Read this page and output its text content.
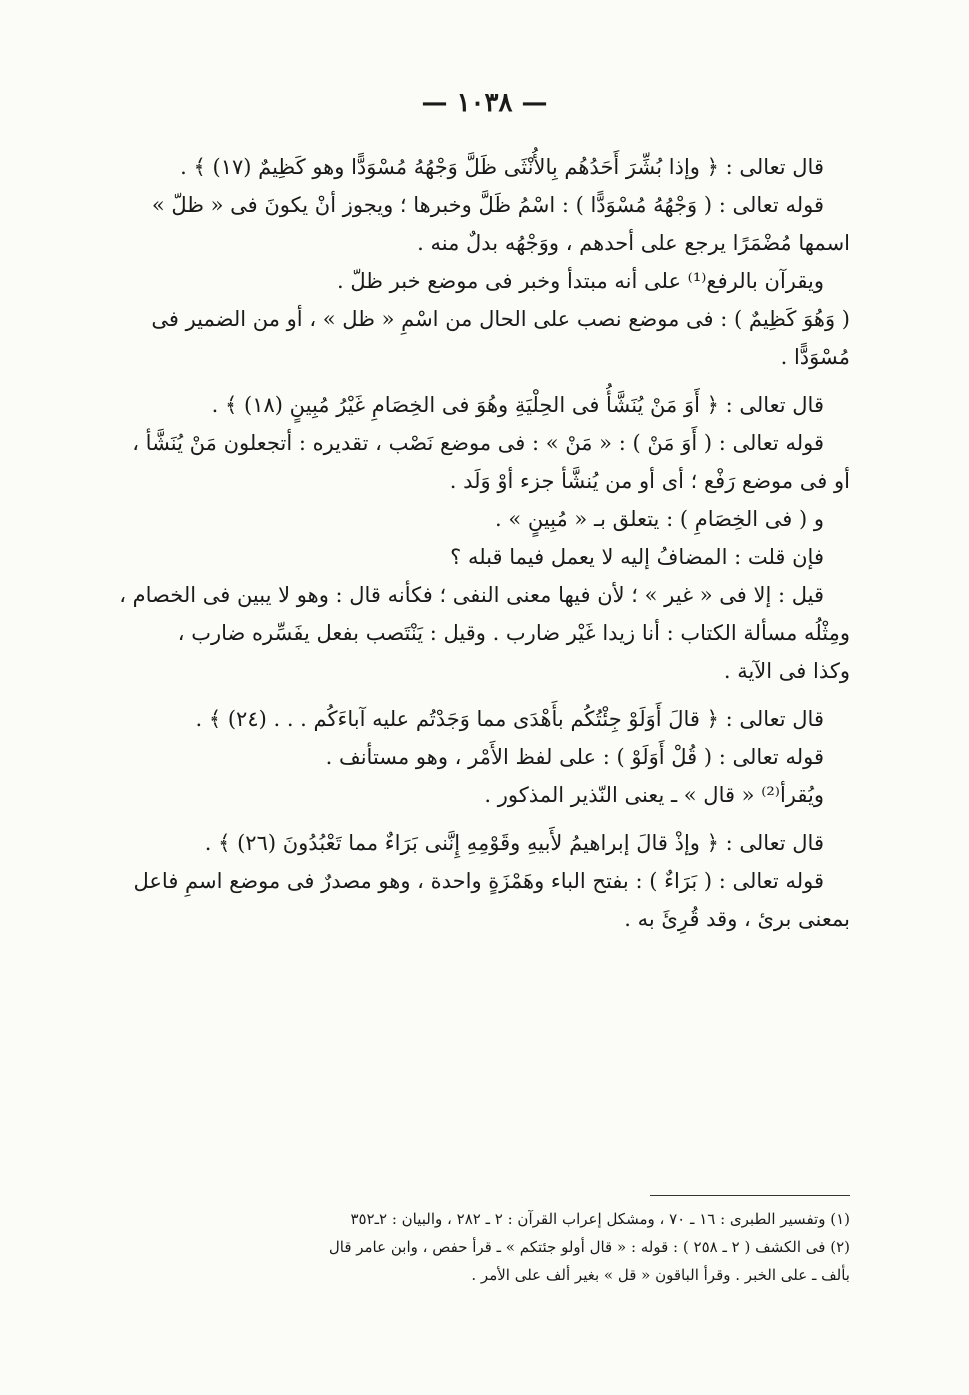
— ١٠٣٨ —

قال تعالى : ﴿ وإذا بُشِّرَ أَحَدُهُم بِالأُنْثَى ظَلَّ وَجْهُهُ مُسْوَدًّا وهو كَظِيمٌ (١٧) ﴾ .

قوله تعالى : ( وَجْهُهُ مُسْوَدًّا ) : اسْمُ ظَلَّ وخبرها ؛ ويجوز أنْ يكونَ فى « ظلّ »

اسمها مُضْمَرًا يرجع على أحدهم ، ووَجْهُه بدلٌ منه .

ويقرآن بالرفع⁽¹⁾ على أنه مبتدأ وخبر فى موضع خبر ظلّ .

( وَهُوَ كَظِيمٌ ) : فى موضع نصب على الحال من اسْمِ « ظل » ، أو من الضمير فى

مُسْوَدًّا .

قال تعالى : ﴿ أَوَ مَنْ يُنَشَّأُ فى الحِلْيَةِ وهُوَ فى الخِصَامِ غَيْرُ مُبِينٍ (١٨) ﴾ .

قوله تعالى : ( أَوَ مَنْ ) : « مَنْ » : فى موضع نَصْب ، تقديره : أتجعلون مَنْ يُنَشَّأ ،

أو فى موضع رَفْع ؛ أى أو من يُنشَّأ جزء أوْ وَلَد .

و ( فى الخِصَامِ ) : يتعلق بـ « مُبِينٍ » .

فإن قلت : المضافُ إليه لا يعمل فيما قبله ؟

قيل : إلا فى « غير » ؛ لأن فيها معنى النفى ؛ فكأنه قال : وهو لا يبين فى الخصام ،

ومِثْلُه مسألة الكتاب : أنا زيدا غَيْر ضارب . وقيل : يَنْتَصب بفعل يفَسِّره ضارب ،

وكذا فى الآية .

قال تعالى : ﴿ قالَ أَوَلَوْ جِئْتُكُم بأَهْدَى مما وَجَدْتُم عليه آباءَكُم . . . (٢٤) ﴾ .

قوله تعالى : ( قُلْ أَوَلَوْ ) : على لفظ الأَمْر ، وهو مستأنف .

ويُقرأ⁽²⁾ « قال » ـ يعنى النّذير المذكور .

قال تعالى : ﴿ وإذْ قالَ إبراهيمُ لأَبيهِ وقَوْمِهِ إِنَّنى بَرَاءٌ مما تَعْبُدُونَ (٢٦) ﴾ .

قوله تعالى : ( بَرَاءٌ ) : بفتح الباء وهَمْزَةٍ واحدة ، وهو مصدرٌ فى موضع اسمِ فاعل

بمعنى برئ ، وقد قُرِئَ به .

(١) وتفسير الطبرى : ١٦ ـ ٧٠ ، ومشكل إعراب القرآن : ٢ ـ ٢٨٢ ، والبيان : ٢ـ٣٥٢

(٢) فى الكشف ( ٢ ـ ٢٥٨ ) : قوله : « قال أولو جئتكم » ـ قرأ حفص ، وابن عامر قال

بألف ـ على الخبر . وقرأ الباقون « قل » بغير ألف على الأمر .
